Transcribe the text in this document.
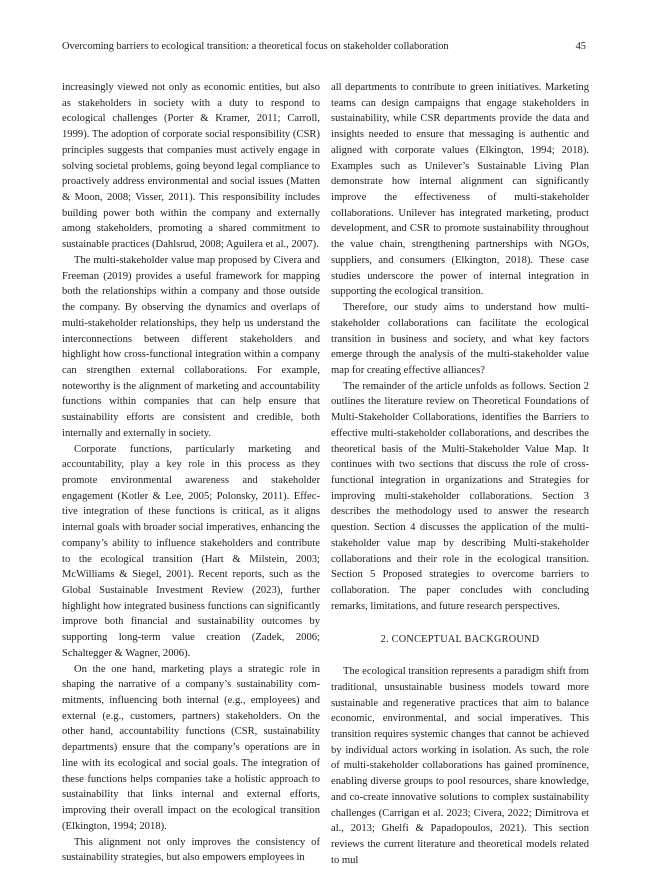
Overcoming barriers to ecological transition: a theoretical focus on stakeholder collaboration	45

increasingly viewed not only as economic entities, but also as stakeholders in society with a duty to respond to ecological challenges (Porter & Kramer, 2011; Carroll, 1999). The adoption of corporate social responsibility (CSR) principles suggests that companies must actively engage in solving societal problems, going beyond legal compliance to proactively address environmental and social issues (Matten & Moon, 2008; Visser, 2011). This responsibility includes building power both within the company and externally among stakeholders, promoting a shared commitment to sustainable practices (Dahlsrud, 2008; Aguilera et al., 2007).

The multi-stakeholder value map proposed by Civera and Freeman (2019) provides a useful framework for mapping both the relationships within a company and those outside the company. By observing the dynamics and overlaps of multi-stakeholder relationships, they help us understand the interconnections between different stakeholders and highlight how cross-functional integration within a company can strengthen external collaborations. For example, noteworthy is the alignment of marketing and accountability functions within companies that can help ensure that sustainability efforts are consistent and credible, both internally and externally in society.

Corporate functions, particularly marketing and accountability, play a key role in this process as they promote environmental awareness and stakeholder engagement (Kotler & Lee, 2005; Polonsky, 2011). Effective integration of these functions is critical, as it aligns internal goals with broader social imperatives, enhancing the company’s ability to influence stakeholders and contribute to the ecological transition (Hart & Milstein, 2003; McWilliams & Siegel, 2001). Recent reports, such as the Global Sustainable Investment Review (2023), further highlight how integrated business functions can significantly improve both financial and sustainability outcomes by supporting long-term value creation (Zadek, 2006; Schaltegger & Wagner, 2006).

On the one hand, marketing plays a strategic role in shaping the narrative of a company’s sustainability commitments, influencing both internal (e.g., employees) and external (e.g., customers, partners) stakeholders. On the other hand, accountability functions (CSR, sustainability departments) ensure that the company’s operations are in line with its ecological and social goals. The integration of these functions helps companies take a holistic approach to sustainability that links internal and external efforts, improving their overall impact on the ecological transition (Elkington, 1994; 2018).

This alignment not only improves the consistency of sustainability strategies, but also empowers employees in

all departments to contribute to green initiatives. Marketing teams can design campaigns that engage stakeholders in sustainability, while CSR departments provide the data and insights needed to ensure that messaging is authentic and aligned with corporate values (Elkington, 1994; 2018). Examples such as Unilever’s Sustainable Living Plan demonstrate how internal alignment can significantly improve the effectiveness of multi-stakeholder collaborations. Unilever has integrated marketing, product development, and CSR to promote sustainability throughout the value chain, strengthening partnerships with NGOs, suppliers, and consumers (Elkington, 2018). These case studies underscore the power of internal integration in supporting the ecological transition.

Therefore, our study aims to understand how multistakeholder collaborations can facilitate the ecological transition in business and society, and what key factors emerge through the analysis of the multi-stakeholder value map for creating effective alliances?

The remainder of the article unfolds as follows. Section 2 outlines the literature review on Theoretical Foundations of Multi-Stakeholder Collaborations, identifies the Barriers to effective multi-stakeholder collaborations, and describes the theoretical basis of the Multi-Stakeholder Value Map. It continues with two sections that discuss the role of cross-functional integration in organizations and Strategies for improving multi-stakeholder collaborations. Section 3 describes the methodology used to answer the research question. Section 4 discusses the application of the multi-stakeholder value map by describing Multi-stakeholder collaborations and their role in the ecological transition. Section 5 Proposed strategies to overcome barriers to collaboration. The paper concludes with concluding remarks, limitations, and future research perspectives.

2. CONCEPTUAL BACKGROUND

The ecological transition represents a paradigm shift from traditional, unsustainable business models toward more sustainable and regenerative practices that aim to balance economic, environmental, and social imperatives. This transition requires systemic changes that cannot be achieved by individual actors working in isolation. As such, the role of multi-stakeholder collaborations has gained prominence, enabling diverse groups to pool resources, share knowledge, and co-create innovative solutions to complex sustainability challenges (Carrigan et al. 2023; Civera, 2022; Dimitrova et al., 2013; Ghelfi & Papadopoulos, 2021). This section reviews the current literature and theoretical models related to mul
